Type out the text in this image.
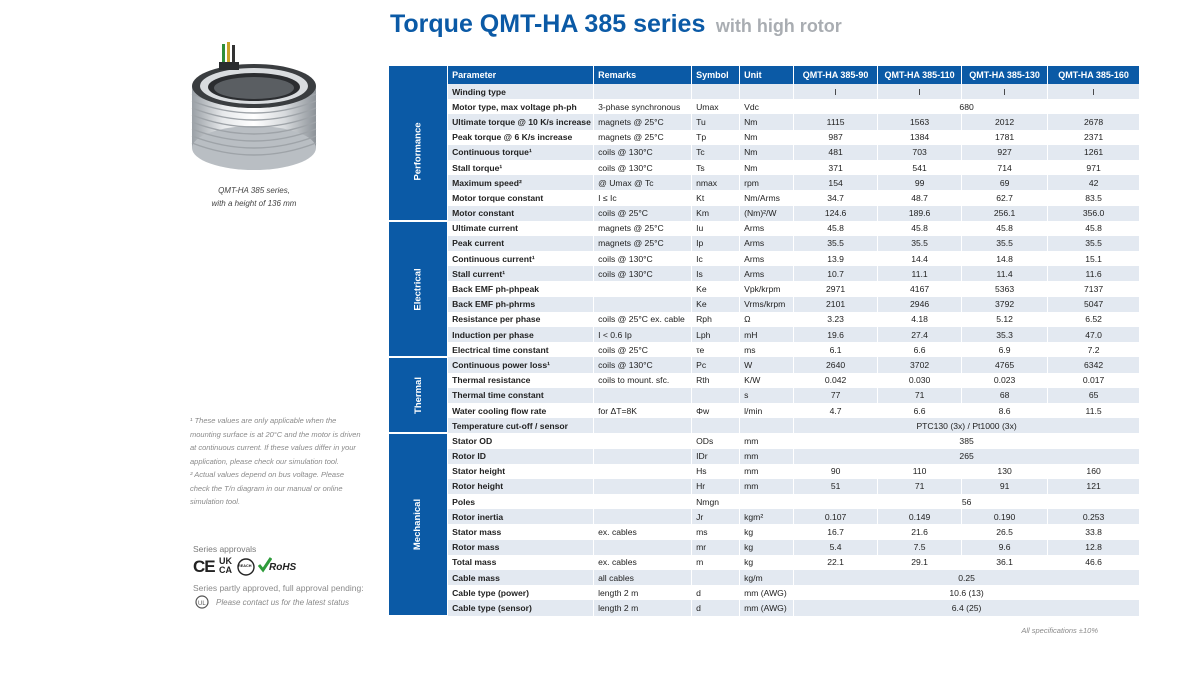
Torque QMT-HA 385 series with high rotor
QMT-HA 385 series,
with a height of 136 mm
¹ These values are only applicable when the
mounting surface is at 20°C and the motor is driven
at continuous current. If these values differ in your
application, please check our simulation tool.
² Actual values depend on bus voltage. Please
check the T/n diagram in our manual or online
simulation tool.
Series approvals
CE UK
CA REACH RoHS
Series partly approved, full approval pending:
UL Please contact us for the latest status
All specifications ±10%
	Parameter	Remarks	Symbol	Unit	QMT-HA 385-90	QMT-HA 385-110	QMT-HA 385-130	QMT-HA 385-160
Performance	Winding type				I	I	I	I
	Motor type, max voltage ph-ph	3-phase synchronous	Umax	Vdc	680			
	Ultimate torque @ 10 K/s increase	magnets @ 25°C	Tu	Nm	1115	1563	2012	2678
	Peak torque @ 6 K/s increase	magnets @ 25°C	Tp	Nm	987	1384	1781	2371
	Continuous torque¹	coils @ 130°C	Tc	Nm	481	703	927	1261
	Stall torque¹	coils @ 130°C	Ts	Nm	371	541	714	971
	Maximum speed²	@ Umax @ Tc	nmax	rpm	154	99	69	42
	Motor torque constant	I ≤ Ic	Kt	Nm/Arms	34.7	48.7	62.7	83.5
	Motor constant	coils @ 25°C	Km	(Nm)²/W	124.6	189.6	256.1	356.0
Electrical	Ultimate current	magnets @ 25°C	Iu	Arms	45.8	45.8	45.8	45.8
	Peak current	magnets @ 25°C	Ip	Arms	35.5	35.5	35.5	35.5
	Continuous current¹	coils @ 130°C	Ic	Arms	13.9	14.4	14.8	15.1
	Stall current¹	coils @ 130°C	Is	Arms	10.7	11.1	11.4	11.6
	Back EMF ph-phpeak		Ke	Vpk/krpm	2971	4167	5363	7137
	Back EMF ph-phrms		Ke	Vrms/krpm	2101	2946	3792	5047
	Resistance per phase	coils @ 25°C ex. cable	Rph	Ω	3.23	4.18	5.12	6.52
	Induction per phase	I < 0.6 Ip	Lph	mH	19.6	27.4	35.3	47.0
	Electrical time constant	coils @ 25°C	τe	ms	6.1	6.6	6.9	7.2
Thermal	Continuous power loss¹	coils @ 130°C	Pc	W	2640	3702	4765	6342
	Thermal resistance	coils to mount. sfc.	Rth	K/W	0.042	0.030	0.023	0.017
	Thermal time constant			s	77	71	68	65
	Water cooling flow rate	for ΔT=8K	Φw	l/min	4.7	6.6	8.6	11.5
	Temperature cut-off / sensor				PTC130 (3x) / Pt1000 (3x)			
Mechanical	Stator OD		ODs	mm	385			
	Rotor ID		IDr	mm	265			
	Stator height		Hs	mm	90	110	130	160
	Rotor height		Hr	mm	51	71	91	121
	Poles		Nmgn		56			
	Rotor inertia		Jr	kgm²	0.107	0.149	0.190	0.253
	Stator mass	ex. cables	ms	kg	16.7	21.6	26.5	33.8
	Rotor mass		mr	kg	5.4	7.5	9.6	12.8
	Total mass	ex. cables	m	kg	22.1	29.1	36.1	46.6
	Cable mass	all cables		kg/m	0.25			
	Cable type (power)	length 2 m	d	mm (AWG)	10.6 (13)			
	Cable type (sensor)	length 2 m	d	mm (AWG)	6.4 (25)			
